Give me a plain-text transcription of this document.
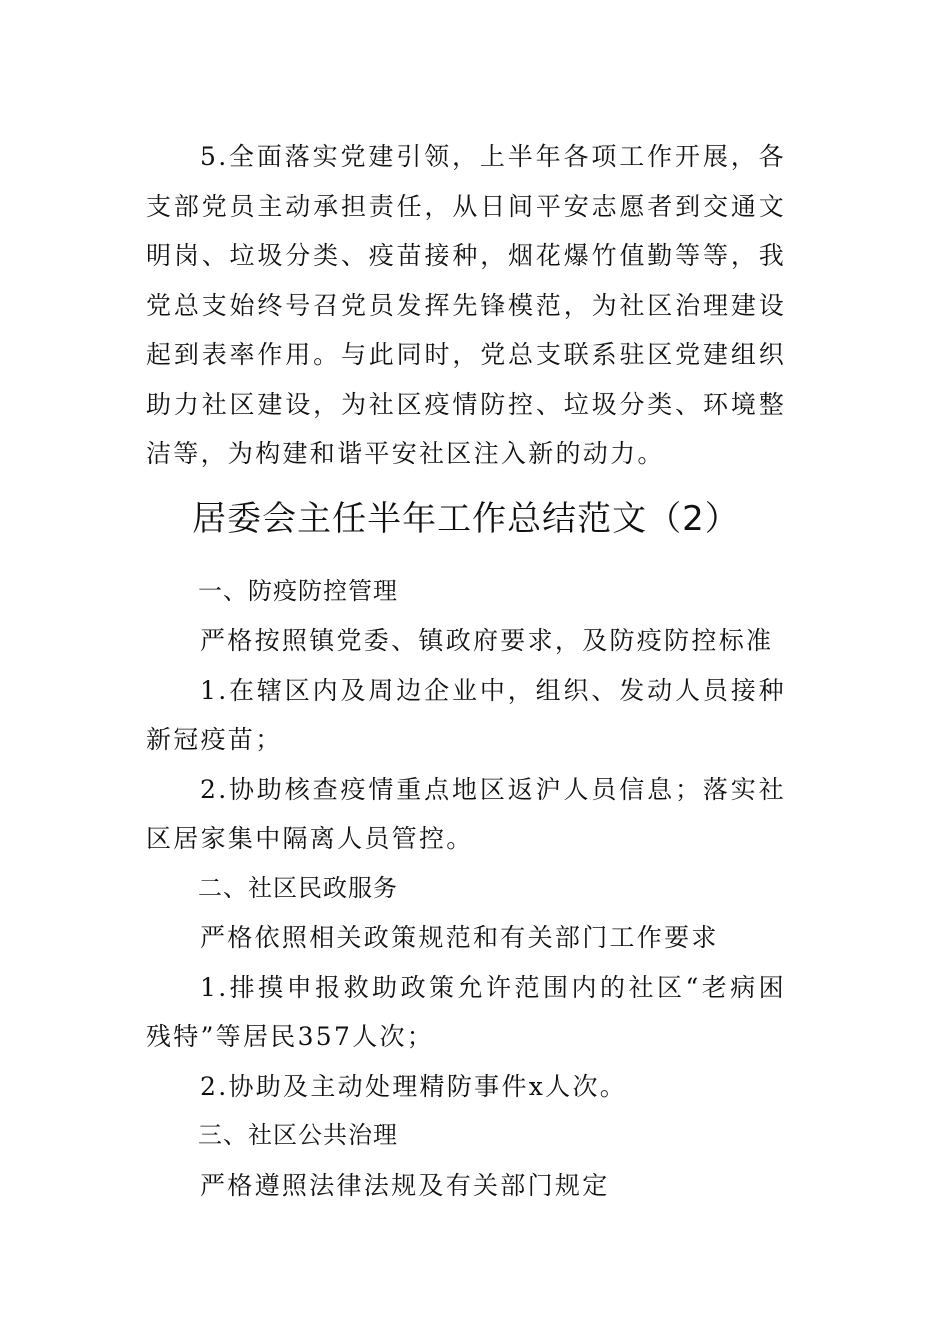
5.全面落实党建引领，上半年各项工作开展，各支部党员主动承担责任，从日间平安志愿者到交通文明岗、垃圾分类、疫苗接种，烟花爆竹值勤等等，我党总支始终号召党员发挥先锋模范，为社区治理建设起到表率作用。与此同时，党总支联系驻区党建组织助力社区建设，为社区疫情防控、垃圾分类、环境整洁等，为构建和谐平安社区注入新的动力。

居委会主任半年工作总结范文（2）
一、防疫防控管理

严格按照镇党委、镇政府要求，及防疫防控标准

1.在辖区内及周边企业中，组织、发动人员接种新冠疫苗；

2.协助核查疫情重点地区返沪人员信息；落实社区居家集中隔离人员管控。

二、社区民政服务

严格依照相关政策规范和有关部门工作要求

1.排摸申报救助政策允许范围内的社区“老病困残特”等居民357人次；

2.协助及主动处理精防事件x人次。

三、社区公共治理

严格遵照法律法规及有关部门规定
